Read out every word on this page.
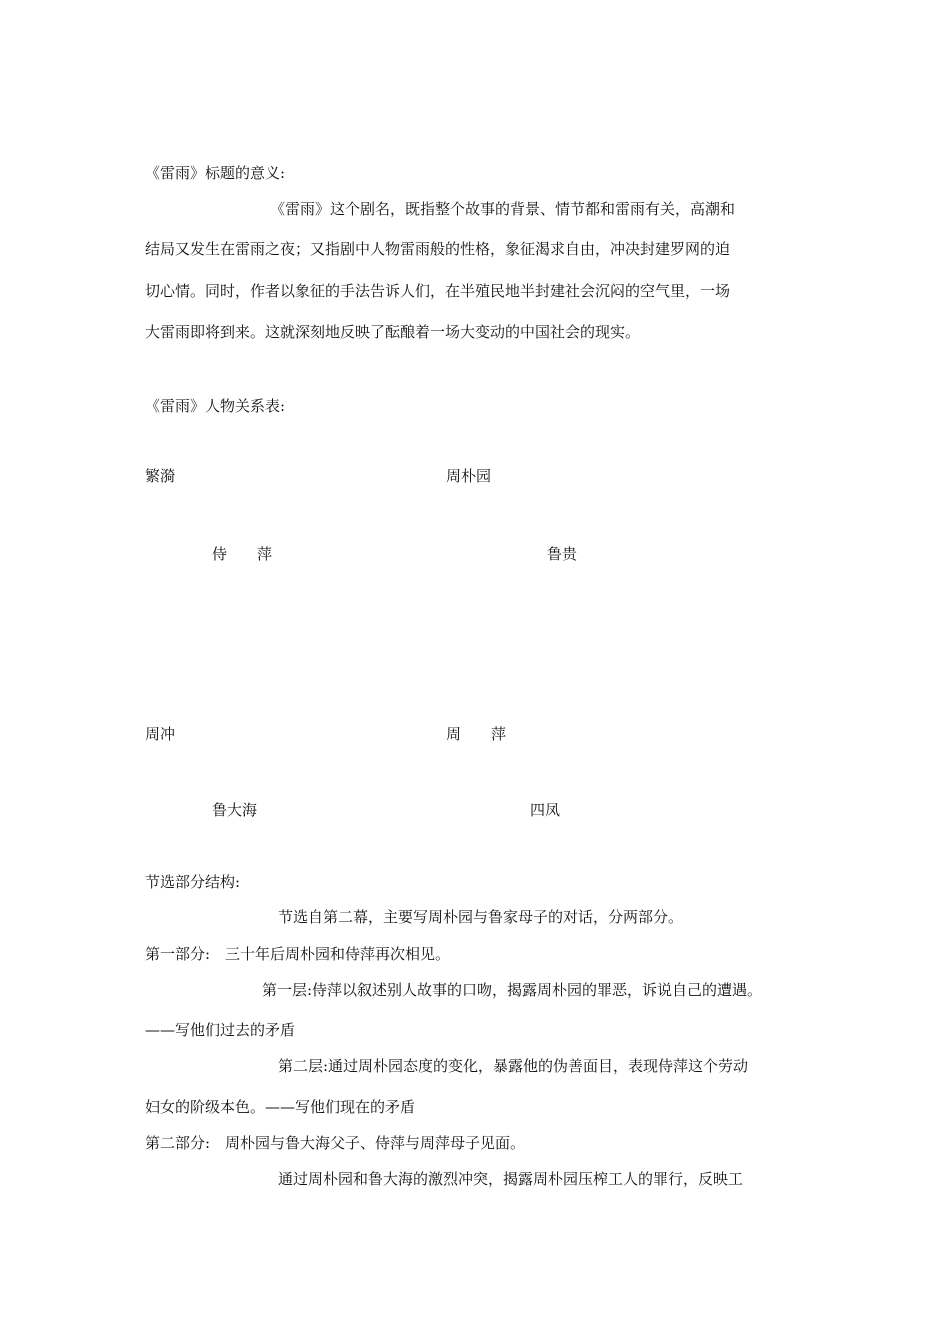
《雷雨》标题的意义:
《雷雨》这个剧名，既指整个故事的背景、情节都和雷雨有关，高潮和
结局又发生在雷雨之夜；又指剧中人物雷雨般的性格，象征渴求自由，冲决封建罗网的迫
切心情。同时，作者以象征的手法告诉人们，在半殖民地半封建社会沉闷的空气里，一场
大雷雨即将到来。这就深刻地反映了酝酿着一场大变动的中国社会的现实。
《雷雨》人物关系表:
繁漪	周朴园
侍　　萍	鲁贵
周冲	周　　萍
鲁大海	四凤
节选部分结构:
节选自第二幕，主要写周朴园与鲁家母子的对话，分两部分。
第一部分:　三十年后周朴园和侍萍再次相见。
第一层:侍萍以叙述别人故事的口吻，揭露周朴园的罪恶，诉说自己的遭遇。
——写他们过去的矛盾
第二层:通过周朴园态度的变化，暴露他的伪善面目，表现侍萍这个劳动
妇女的阶级本色。——写他们现在的矛盾
第二部分:　周朴园与鲁大海父子、侍萍与周萍母子见面。
通过周朴园和鲁大海的激烈冲突，揭露周朴园压榨工人的罪行，反映工
